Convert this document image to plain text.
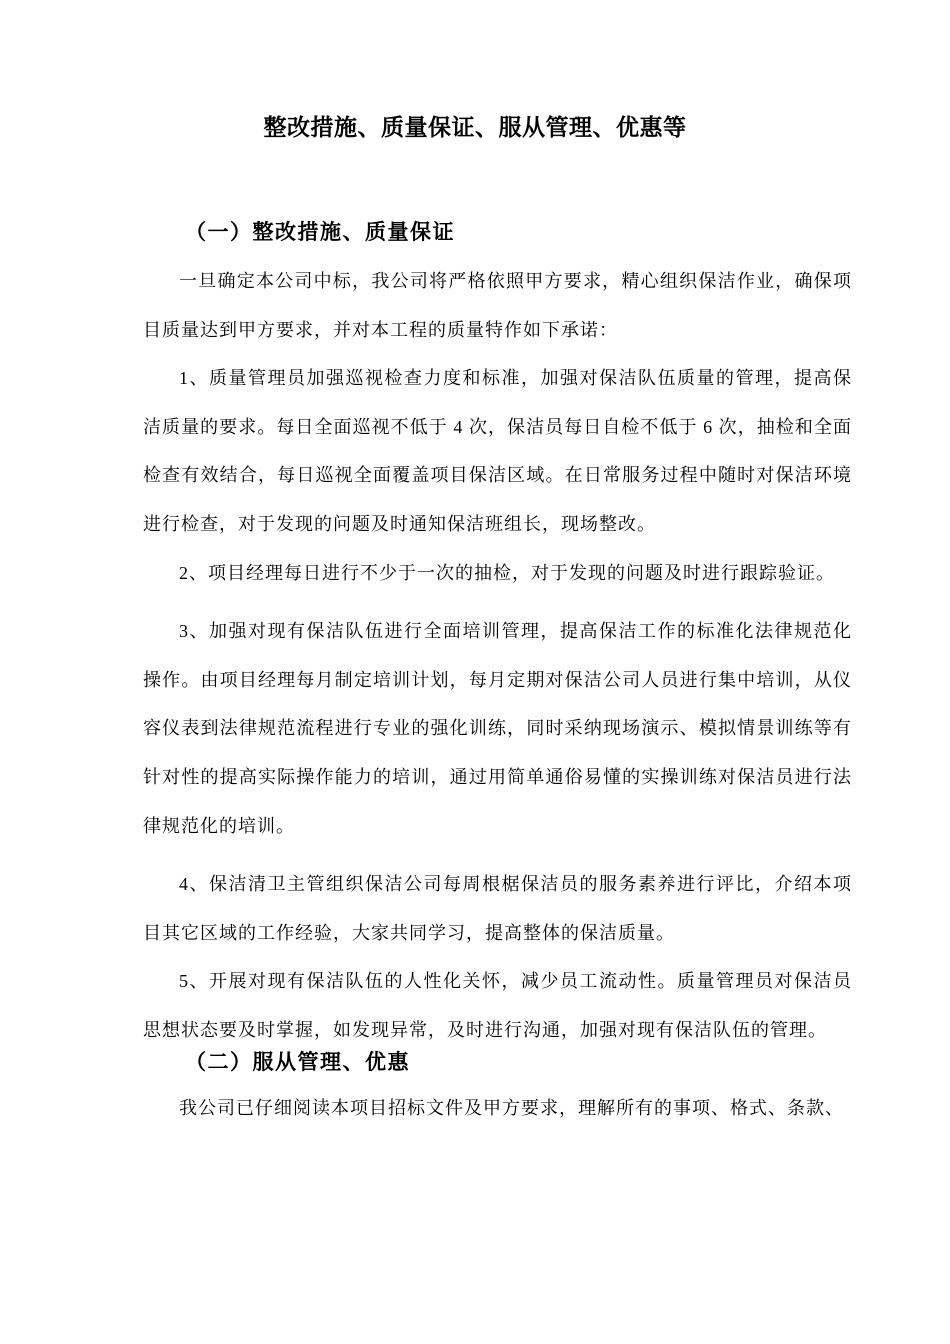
整改措施、质量保证、服从管理、优惠等
（一）整改措施、质量保证

一旦确定本公司中标，我公司将严格依照甲方要求，精心组织保洁作业，确保项目质量达到甲方要求，并对本工程的质量特作如下承诺：

1、质量管理员加强巡视检查力度和标准，加强对保洁队伍质量的管理，提高保洁质量的要求。每日全面巡视不低于 4 次，保洁员每日自检不低于 6 次，抽检和全面检查有效结合，每日巡视全面覆盖项目保洁区域。在日常服务过程中随时对保洁环境进行检查，对于发现的问题及时通知保洁班组长，现场整改。

2、项目经理每日进行不少于一次的抽检，对于发现的问题及时进行跟踪验证。

3、加强对现有保洁队伍进行全面培训管理，提高保洁工作的标准化法律规范化操作。由项目经理每月制定培训计划，每月定期对保洁公司人员进行集中培训，从仪容仪表到法律规范流程进行专业的强化训练，同时采纳现场演示、模拟情景训练等有针对性的提高实际操作能力的培训，通过用简单通俗易懂的实操训练对保洁员进行法律规范化的培训。

4、保洁清卫主管组织保洁公司每周根椐保洁员的服务素养进行评比，介绍本项目其它区域的工作经验，大家共同学习，提高整体的保洁质量。

5、开展对现有保洁队伍的人性化关怀，减少员工流动性。质量管理员对保洁员思想状态要及时掌握，如发现异常，及时进行沟通，加强对现有保洁队伍的管理。

（二）服从管理、优惠

我公司已仔细阅读本项目招标文件及甲方要求，理解所有的事项、格式、条款、
